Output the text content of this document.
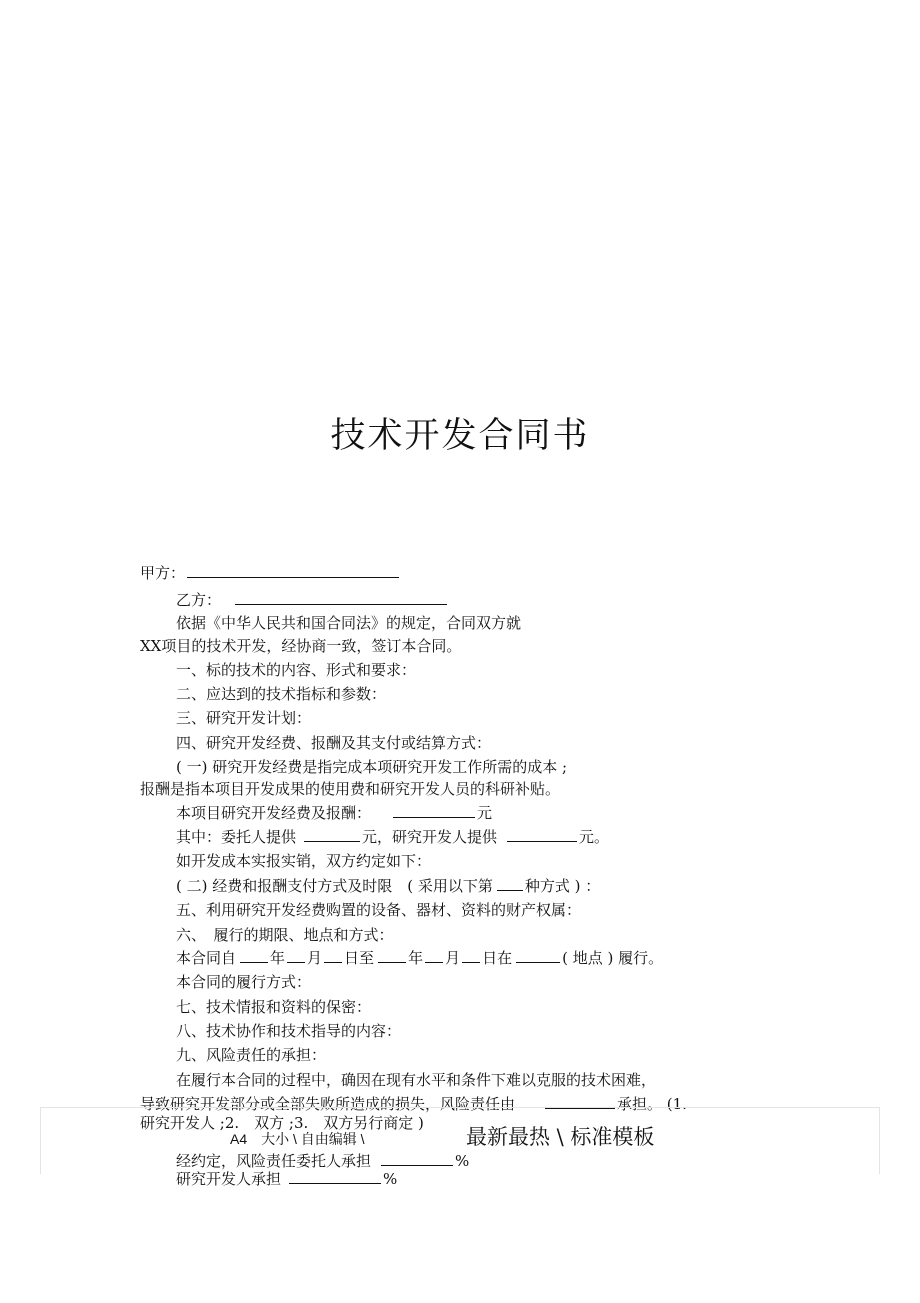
技术开发合同书
甲方：
乙方：
依据《中华人民共和国合同法》的规定，合同双方就
XX项目的技术开发，经协商一致，签订本合同。
一、标的技术的内容、形式和要求：
二、应达到的技术指标和参数：
三、研究开发计划：
四、研究开发经费、报酬及其支付或结算方式：
( 一) 研究开发经费是指完成本项研究开发工作所需的成本 ;
报酬是指本项目开发成果的使用费和研究开发人员的科研补贴。
本项目研究开发经费及报酬：	元
其中：委托人提供	元，研究开发人提供	元。
如开发成本实报实销，双方约定如下：
( 二) 经费和报酬支付方式及时限　( 采用以下第 种方式 ) ：
五、利用研究开发经费购置的设备、器材、资料的财产权属：
六、　履行的期限、地点和方式：
本合同自 年 月 日至 年 月 日在	( 地点 ) 履行。
本合同的履行方式：
七、技术情报和资料的保密：
八、技术协作和技术指导的内容：
九、风险责任的承担：
在履行本合同的过程中，确因在现有水平和条件下难以克服的技术困难，
导致研究开发部分或全部失败所造成的损失，风险责任由	承担。 (1.
研究开发人 ;2.　双方 ;3.　双方另行商定 )
A4　大小 \ 自由编辑 \	最新最热 \ 标准模板
经约定，风险责任委托人承担	%
研究开发人承担	%
